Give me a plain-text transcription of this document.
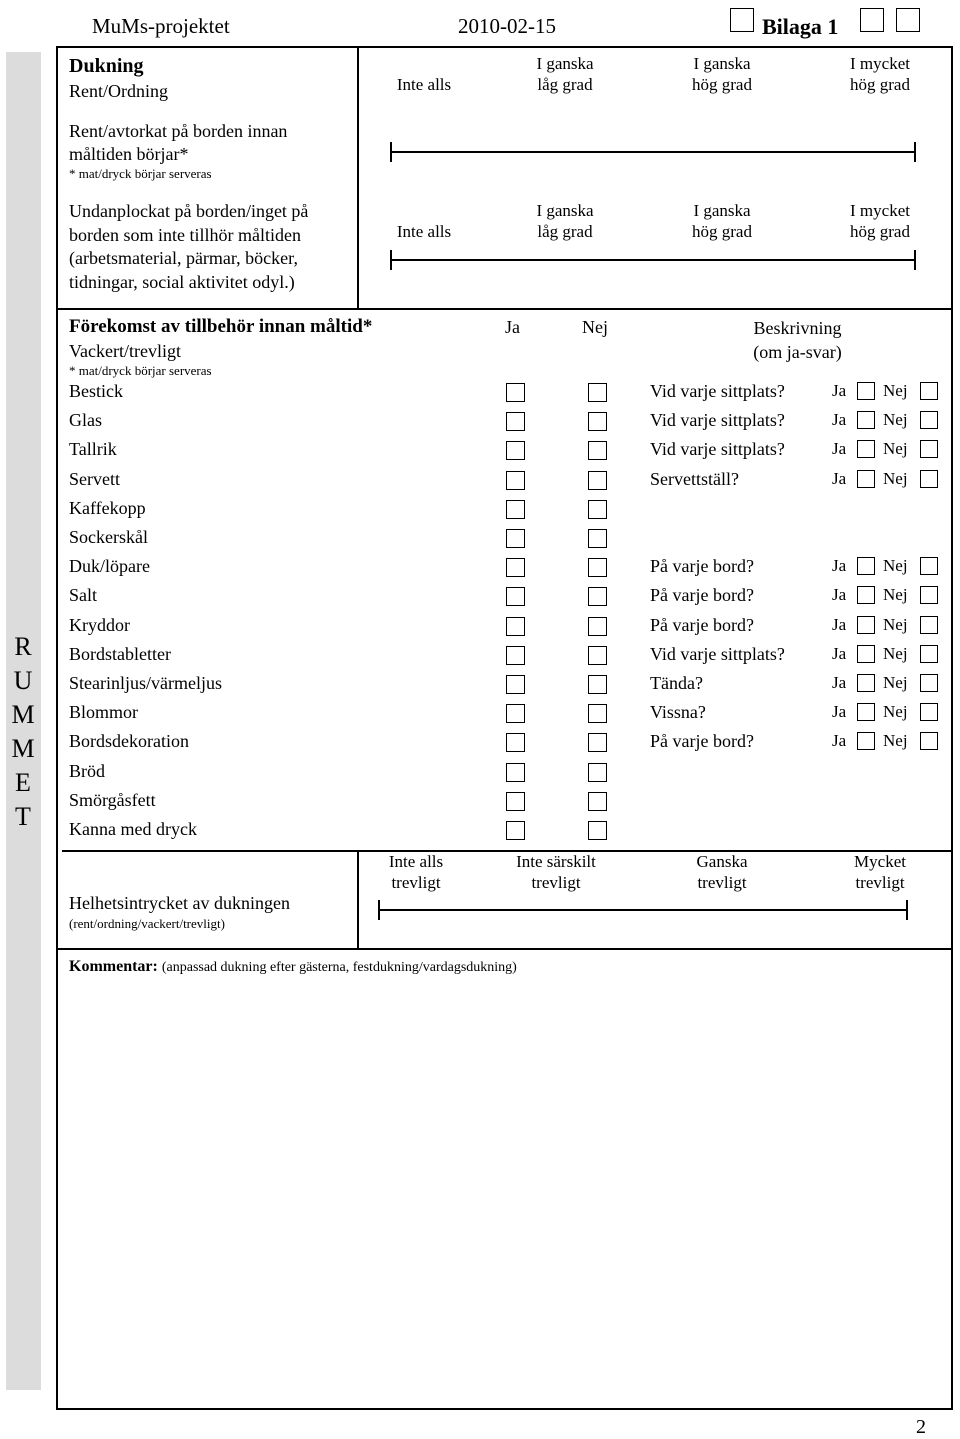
MuMs-projektet	2010-02-15	Bilaga 1
R
U
M
M
E
T
Dukning
Rent/Ordning
Rent/avtorkat på borden innan
måltiden börjar*
* mat/dryck börjar serveras
Undanplockat på borden/inget på
borden som inte tillhör måltiden
(arbetsmaterial, pärmar, böcker,
tidningar, social aktivitet odyl.)
Inte alls
I ganska
låg grad
I ganska
hög grad
I mycket
hög grad
Inte alls
I ganska
låg grad
I ganska
hög grad
I mycket
hög grad
Förekomst av tillbehör innan måltid*
Vackert/trevligt
* mat/dryck börjar serveras
Ja	Nej	Beskrivning
(om ja-svar)
Bestick	Vid varje sittplats?	Ja Nej
Glas	Vid varje sittplats?	Ja Nej
Tallrik	Vid varje sittplats?	Ja Nej
Servett	Servettställ?	Ja Nej
Kaffekopp
Sockerskål
Duk/löpare	På varje bord?	Ja Nej
Salt	På varje bord?	Ja Nej
Kryddor	På varje bord?	Ja Nej
Bordstabletter	Vid varje sittplats?	Ja Nej
Stearinljus/värmeljus	Tända?	Ja Nej
Blommor	Vissna?	Ja Nej
Bordsdekoration	På varje bord?	Ja Nej
Bröd
Smörgåsfett
Kanna med dryck
Helhetsintrycket av dukningen
(rent/ordning/vackert/trevligt)
Inte alls
trevligt
Inte särskilt
trevligt
Ganska
trevligt
Mycket
trevligt
Kommentar: (anpassad dukning efter gästerna, festdukning/vardagsdukning)
2
